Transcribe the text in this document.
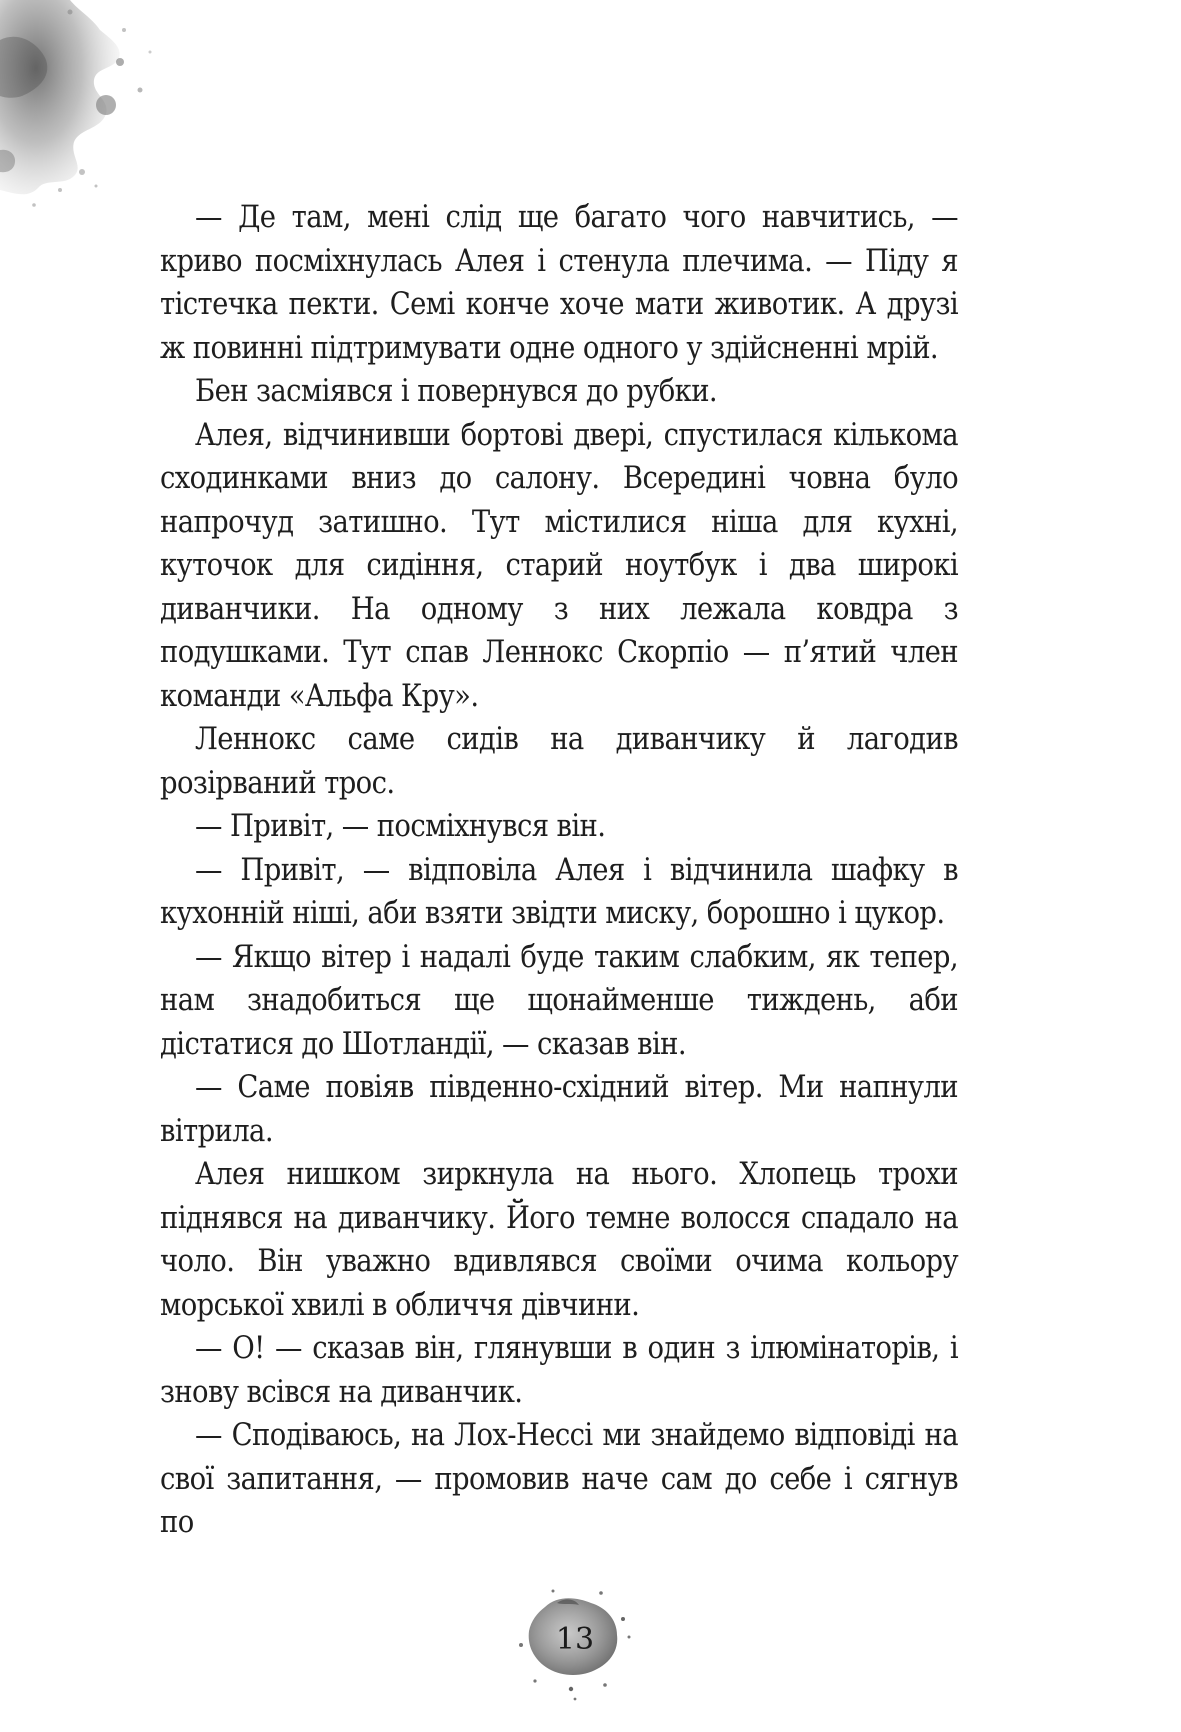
— Де там, мені слід ще багато чого навчитись, — криво посміхнулась Алея і стенула плечима. — Піду я тістечка пекти. Семі конче хоче мати животик. А друзі ж повинні підтримувати одне одного у здійсненні мрій.

Бен засміявся і повернувся до рубки.

Алея, відчинивши бортові двері, спустилася кількома сходинками вниз до салону. Всередині човна було напрочуд затишно. Тут містилися ніша для кухні, куточок для сидіння, старий ноутбук і два широкі диванчики. На одному з них лежала ковдра з подушками. Тут спав Леннокс Скорпіо — п’ятий член команди «Альфа Кру».

Леннокс саме сидів на диванчику й лагодив розірваний трос.

— Привіт, — посміхнувся він.

— Привіт, — відповіла Алея і відчинила шафку в кухонній ніші, аби взяти звідти миску, борошно і цукор.

— Якщо вітер і надалі буде таким слабким, як тепер, нам знадобиться ще щонайменше тиждень, аби дістатися до Шотландії, — сказав він.

— Саме повіяв південно-східний вітер. Ми напнули вітрила.

Алея нишком зиркнула на нього. Хлопець трохи піднявся на диванчику. Його темне волосся спадало на чоло. Він уважно вдивлявся своїми очима кольору морської хвилі в обличчя дівчини.

— О! — сказав він, глянувши в один з ілюмінаторів, і знову всівся на диванчик.

— Сподіваюсь, на Лох-Нессі ми знайдемо відповіді на свої запитання, — промовив наче сам до себе і сягнув по

13
